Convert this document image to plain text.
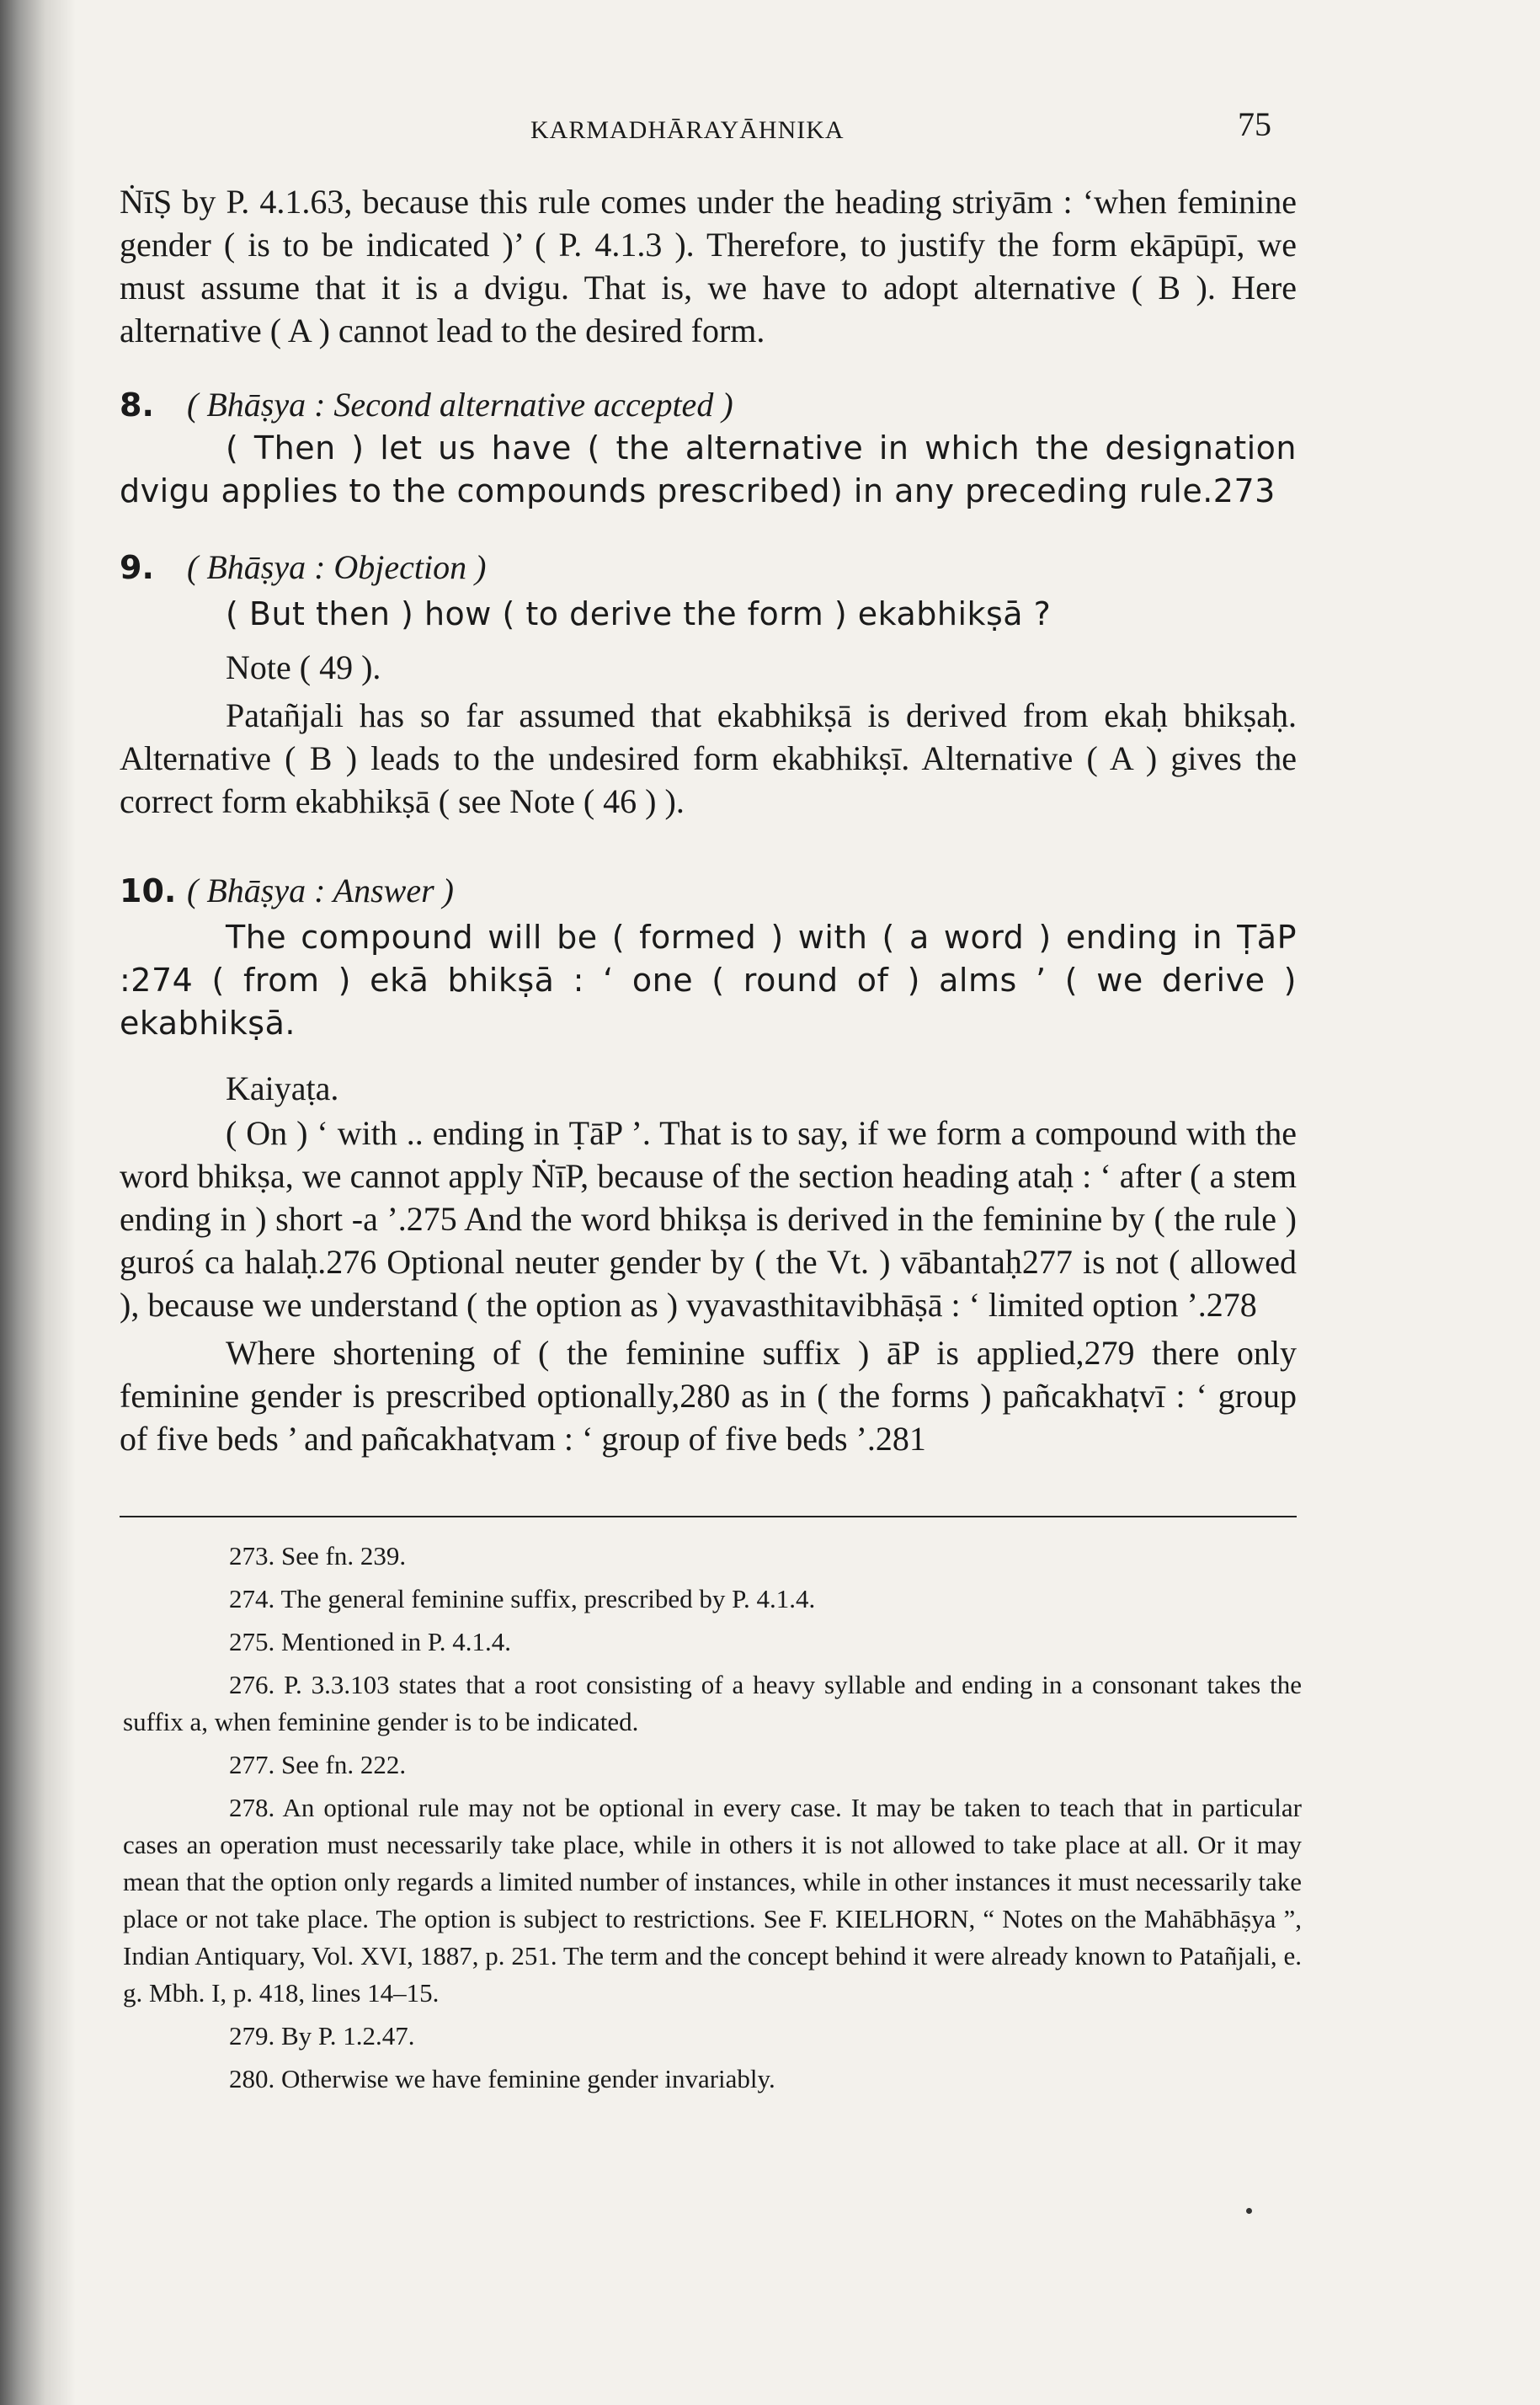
KARMADHĀRAYĀHNIKA	75

ṄīṢ by P. 4.1.63, because this rule comes under the heading striyām : ‘when feminine gender ( is to be indicated )’ ( P. 4.1.3 ). Therefore, to justify the form ekāpūpī, we must assume that it is a dvigu. That is, we have to adopt alternative ( B ). Here alternative ( A ) cannot lead to the desired form.

8. ( Bhāṣya : Second alternative accepted )

( Then ) let us have ( the alternative in which the designation dvigu applies to the compounds prescribed) in any preceding rule.273

9. ( Bhāṣya : Objection )

( But then ) how ( to derive the form ) ekabhikṣā ?

Note ( 49 ).

Patañjali has so far assumed that ekabhikṣā is derived from ekaḥ bhikṣaḥ. Alternative ( B ) leads to the undesired form ekabhikṣī. Alternative ( A ) gives the correct form ekabhikṣā ( see Note ( 46 ) ).

10. ( Bhāṣya : Answer )

The compound will be ( formed ) with ( a word ) ending in ṬāP :274 ( from ) ekā bhikṣā : ‘ one ( round of ) alms ’ ( we derive ) ekabhikṣā.

Kaiyaṭa.

( On ) ‘ with .. ending in ṬāP ’. That is to say, if we form a compound with the word bhikṣa, we cannot apply ṄīP, because of the section heading ataḥ : ‘ after ( a stem ending in ) short -a ’.275 And the word bhikṣa is derived in the feminine by ( the rule ) guroś ca halaḥ.276 Optional neuter gender by ( the Vt. ) vābantaḥ277 is not ( allowed ), because we understand ( the option as ) vyavasthitavibhāṣā : ‘ limited option ’.278

Where shortening of ( the feminine suffix ) āP is applied,279 there only feminine gender is prescribed optionally,280 as in ( the forms ) pañcakhaṭvī : ‘ group of five beds ’ and pañcakhaṭvam : ‘ group of five beds ’.281

273. See fn. 239.

274. The general feminine suffix, prescribed by P. 4.1.4.

275. Mentioned in P. 4.1.4.

276. P. 3.3.103 states that a root consisting of a heavy syllable and ending in a consonant takes the suffix a, when feminine gender is to be indicated.

277. See fn. 222.

278. An optional rule may not be optional in every case. It may be taken to teach that in particular cases an operation must necessarily take place, while in others it is not allowed to take place at all. Or it may mean that the option only regards a limited number of instances, while in other instances it must necessarily take place or not take place. The option is subject to restrictions. See F. KIELHORN, “ Notes on the Mahābhāṣya ”, Indian Antiquary, Vol. XVI, 1887, p. 251. The term and the concept behind it were already known to Patañjali, e. g. Mbh. I, p. 418, lines 14–15.

279. By P. 1.2.47.

280. Otherwise we have feminine gender invariably.
